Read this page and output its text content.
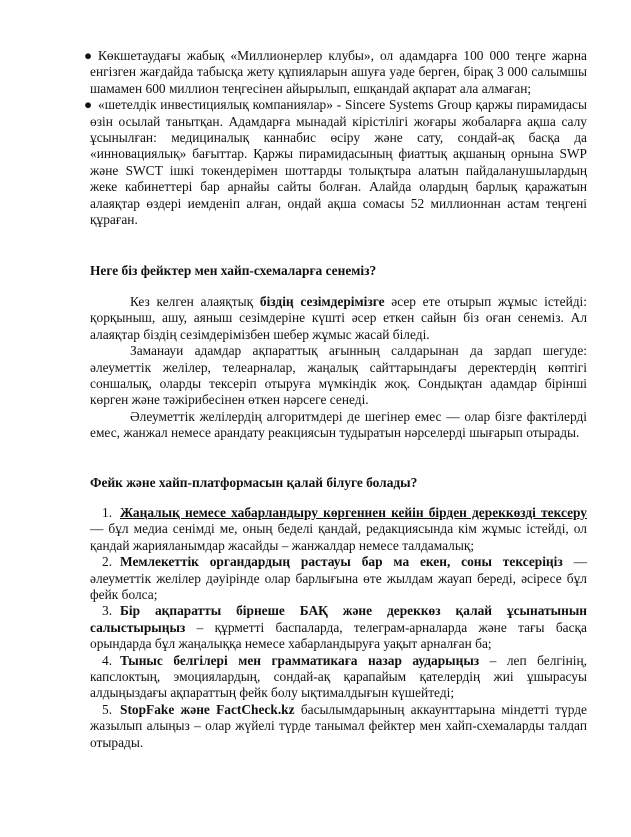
● Көкшетаудағы жабық «Миллионерлер клубы», ол адамдарға 100 000 теңге жарна енгізген жағдайда табысқа жету құпияларын ашуға уәде берген, бірақ 3 000 салымшы шамамен 600 миллион теңгесінен айырылып, ешқандай ақпарат ала алмаған;

● «шетелдік инвестициялық компаниялар» - Sincere Systems Group қаржы пирамидасы өзін осылай танытқан. Адамдарға мынадай кірістілігі жоғары жобаларға ақша салу ұсынылған: медициналық каннабис өсіру және сату, сондай-ақ басқа да «инновациялық» бағыттар. Қаржы пирамидасының фиаттық ақшаның орнына SWP және SWCT ішкі токендерімен шоттарды толықтыра алатын пайдаланушылардың жеке кабинеттері бар арнайы сайты болған. Алайда олардың барлық қаражатын алаяқтар өздері иемденіп алған, ондай ақша сомасы 52 миллионнан астам теңгені құраған.

Неге біз фейктер мен хайп-схемаларға сенеміз?

Кез келген алаяқтық біздің сезімдерімізге әсер ете отырып жұмыс істейді: қорқыныш, ашу, аяныш сезімдеріне күшті әсер еткен сайын біз оған сенеміз. Ал алаяқтар біздің сезімдерімізбен шебер жұмыс жасай біледі.

Заманауи адамдар ақпараттық ағынның салдарынан да зардап шегуде: әлеуметтік желілер, телеарналар, жаңалық сайттарындағы деректердің көптігі соншалық, оларды тексеріп отыруға мүмкіндік жоқ. Сондықтан адамдар бірінші көрген және тәжірибесінен өткен нәрсеге сенеді.

Әлеуметтік желілердің алгоритмдері де шегінер емес — олар бізге фактілерді емес, жанжал немесе арандату реакциясын тудыратын нәрселерді шығарып отырады.

Фейк және хайп-платформасын қалай білуге болады?

1. Жаңалық немесе хабарландыру көргеннен кейін бірден дереккөзді тексеру — бұл медиа сенімді ме, оның беделі қандай, редакциясында кім жұмыс істейді, ол қандай жарияланымдар жасайды – жанжалдар немесе талдамалық;
2. Мемлекеттік органдардың растауы бар ма екен, соны тексеріңіз — әлеуметтік желілер дәуірінде олар барлығына өте жылдам жауап береді, әсіресе бұл фейк болса;
3. Бір ақпаратты бірнеше БАҚ және дереккөз қалай ұсынатынын салыстырыңыз – құрметті баспаларда, телеграм-арналарда және тағы басқа орындарда бұл жаңалыққа немесе хабарландыруға уақыт арналған ба;
4. Тыныс белгілері мен грамматикаға назар аударыңыз – леп белгінің, капслоктың, эмоциялардың, сондай-ақ қарапайым қателердің жиі ұшырасуы алдыңыздағы ақпараттың фейк болу ықтималдығын күшейтеді;
5. StopFake және FactCheck.kz басылымдарының аккаунттарына міндетті түрде жазылып алыңыз – олар жүйелі түрде танымал фейктер мен хайп-схемаларды талдап отырады.
